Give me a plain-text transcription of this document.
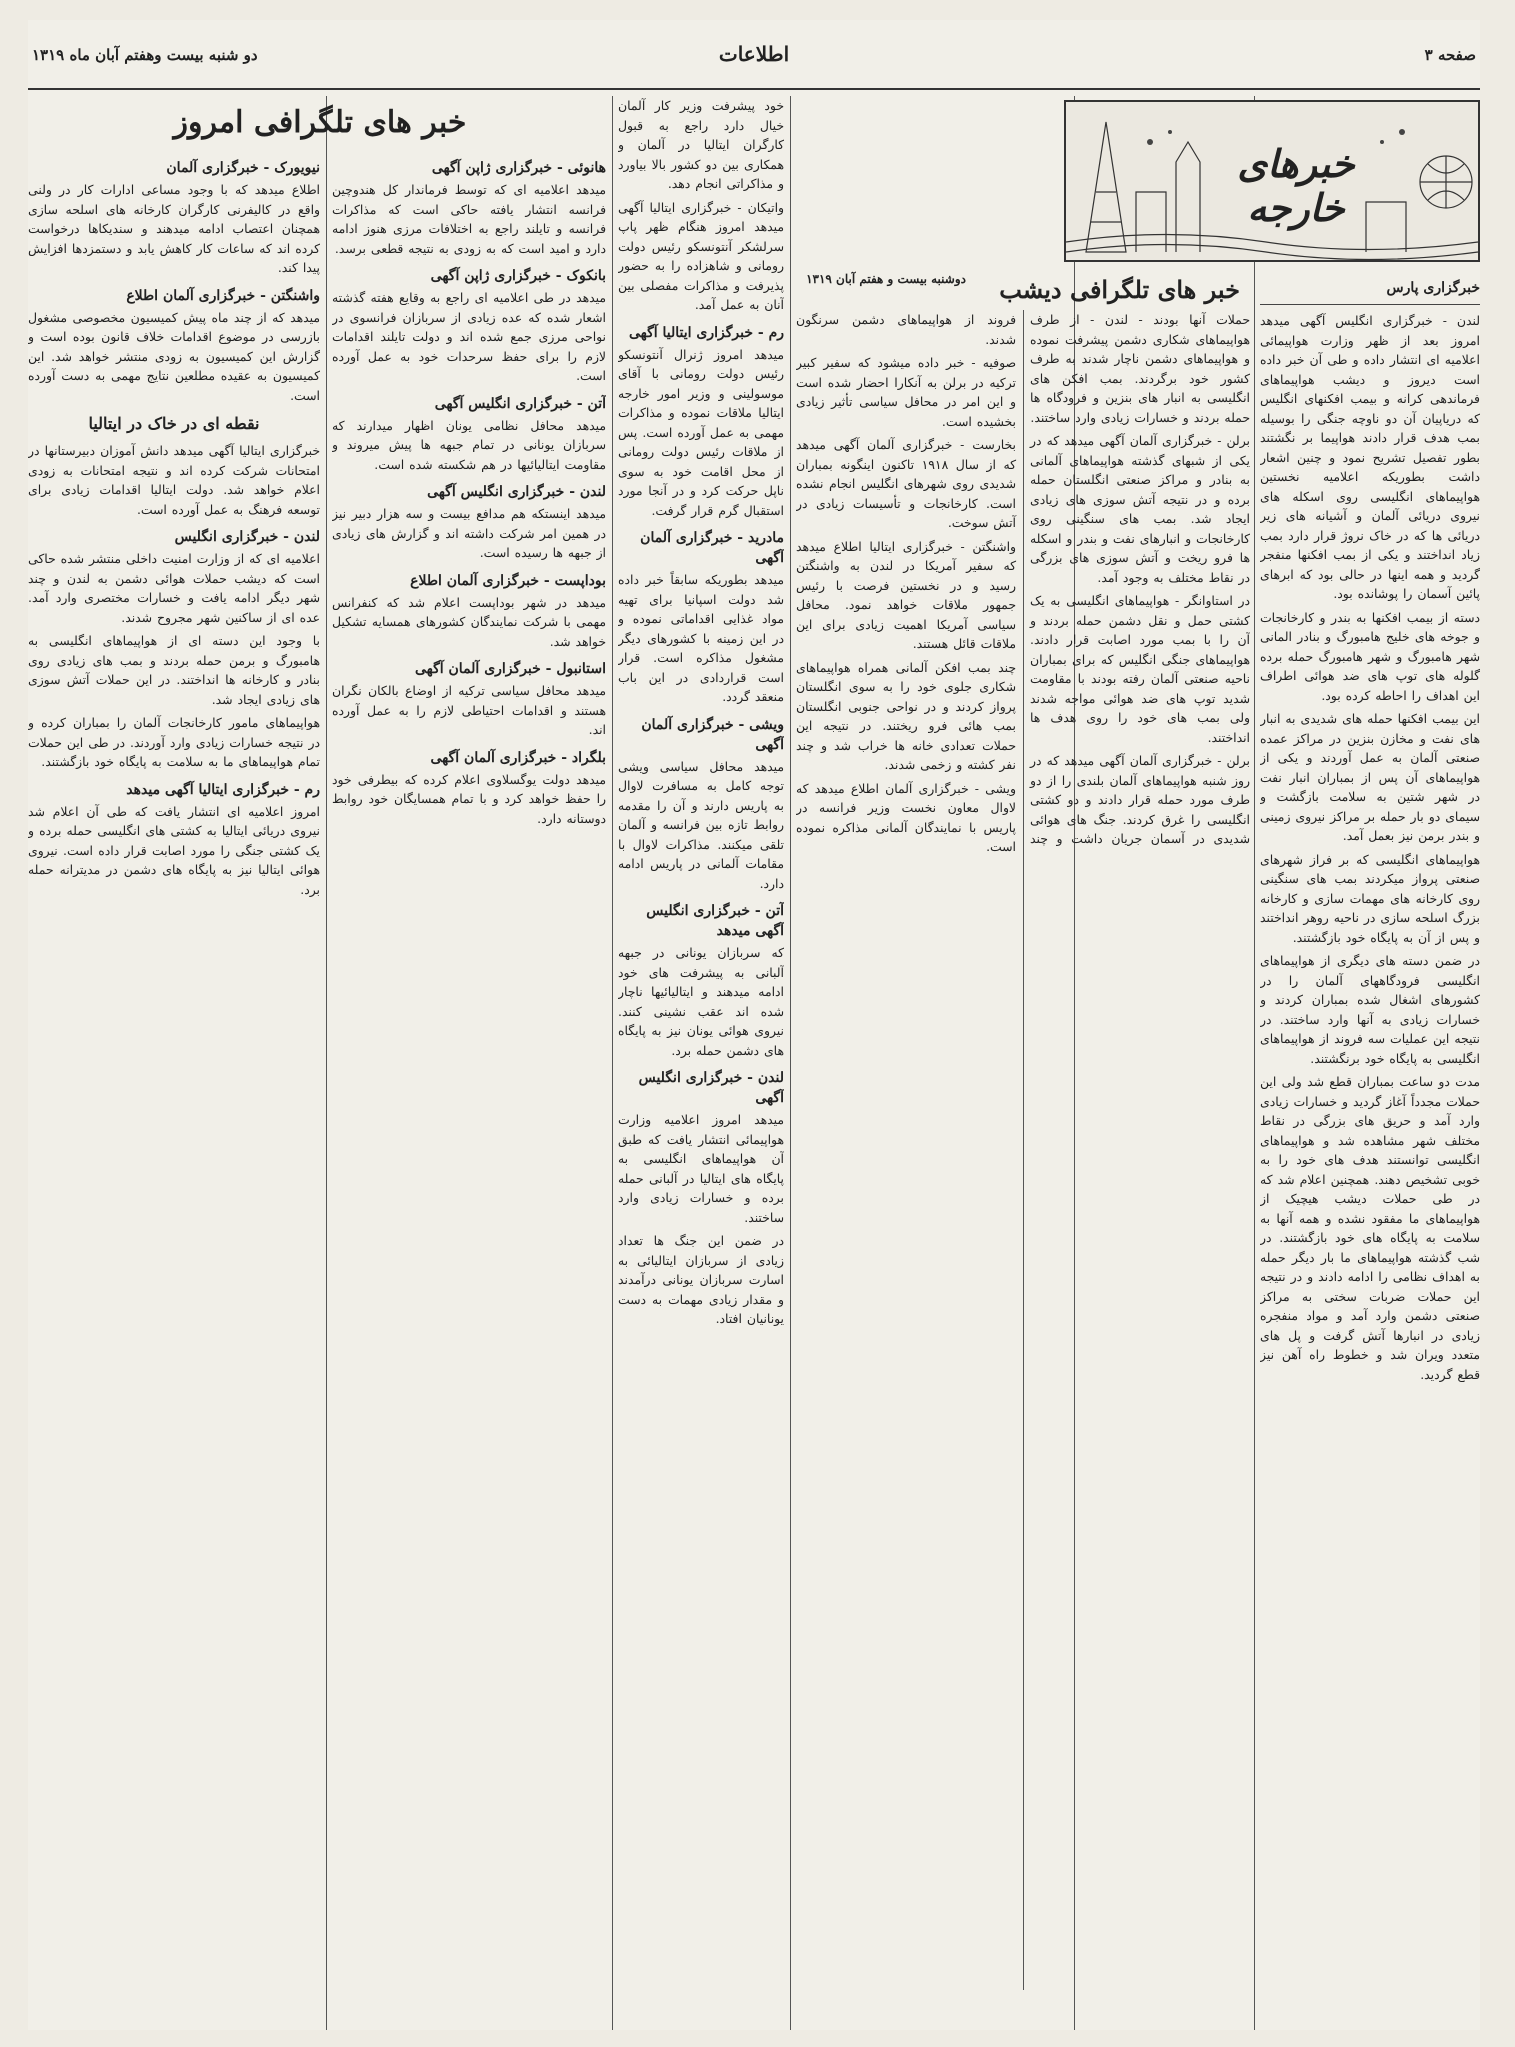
صفحه ۳
اطلاعات
دو شنبه بیست وهفتم آبان ماه ۱۳۱۹
خبرهای خارجه
خبرگزاری پارس

لندن - خبرگزاری انگلیس آگهی میدهد امروز بعد از ظهر وزارت هواپیمائی اعلامیه ای انتشار داده و طی آن خبر داده است دیروز و دیشب هواپیماهای فرماندهی کرانه و بیمب افکنهای انگلیس که دریاپیان آن دو ناوچه جنگی را بوسیله بمب هدف قرار دادند هواپیما بر نگشتند بطور تفصیل تشریح نمود و چنین اشعار داشت بطوریکه اعلامیه نخستین هواپیماهای انگلیسی روی اسکله های نیروی دریائی آلمان و آشیانه های زیر دریائی ها که در خاک نروژ قرار دارد بمب زیاد انداختند و یکی از بمب افکنها منفجر گردید و همه اینها در حالی بود که ابرهای پائین آسمان را پوشانده بود.

دسته از بیمب افکنها به بندر و کارخانجات و جوخه های خلیج هامبورگ و بنادر المانی شهر هامبورگ و شهر هامبورگ حمله برده گلوله های توپ های ضد هوائی اطراف این اهداف را احاطه کرده بود.

این بیمب افکنها حمله های شدیدی به انبار های نفت و مخازن بنزین در مراکز عمده صنعتی آلمان به عمل آوردند و یکی از هواپیماهای آن پس از بمباران انبار نفت در شهر شتین به سلامت بازگشت و سیمای دو بار حمله بر مراکز نیروی زمینی و بندر برمن نیز بعمل آمد.

هواپیماهای انگلیسی که بر فراز شهرهای صنعتی پرواز میکردند بمب های سنگینی روی کارخانه های مهمات سازی و کارخانه بزرگ اسلحه سازی در ناحیه روهر انداختند و پس از آن به پایگاه خود بازگشتند.

در ضمن دسته های دیگری از هواپیماهای انگلیسی فرودگاههای آلمان را در کشورهای اشغال شده بمباران کردند و خسارات زیادی به آنها وارد ساختند. در نتیجه این عملیات سه فروند از هواپیماهای انگلیسی به پایگاه خود برنگشتند.

مدت دو ساعت بمباران قطع شد ولی این حملات مجدداً آغاز گردید و خسارات زیادی وارد آمد و حریق های بزرگی در نقاط مختلف شهر مشاهده شد و هواپیماهای انگلیسی توانستند هدف های خود را به خوبی تشخیص دهند. همچنین اعلام شد که در طی حملات دیشب هیچیک از هواپیماهای ما مفقود نشده و همه آنها به سلامت به پایگاه های خود بازگشتند. در شب گذشته هواپیماهای ما بار دیگر حمله به اهداف نظامی را ادامه دادند و در نتیجه این حملات ضربات سختی به مراکز صنعتی دشمن وارد آمد و مواد منفجره زیادی در انبارها آتش گرفت و پل های متعدد ویران شد و خطوط راه آهن نیز قطع گردید.

دوشنبه بیست و هفتم آبان ۱۳۱۹	خبر های تلگرافی دیشب

حملات آنها بودند - لندن - از طرف هواپیماهای شکاری دشمن پیشرفت نموده و هواپیماهای دشمن ناچار شدند به طرف کشور خود برگردند. بمب افکن های انگلیسی به انبار های بنزین و فرودگاه ها حمله بردند و خسارات زیادی وارد ساختند.

برلن - خبرگزاری آلمان آگهی میدهد که در یکی از شبهای گذشته هواپیماهای آلمانی به بنادر و مراکز صنعتی انگلستان حمله برده و در نتیجه آتش سوزی های زیادی ایجاد شد. بمب های سنگینی روی کارخانجات و انبارهای نفت و بندر و اسکله ها فرو ریخت و آتش سوزی های بزرگی در نقاط مختلف به وجود آمد.

در استاوانگر - هواپیماهای انگلیسی به یک کشتی حمل و نقل دشمن حمله بردند و آن را با بمب مورد اصابت قرار دادند. هواپیماهای جنگی انگلیس که برای بمباران ناحیه صنعتی آلمان رفته بودند با مقاومت شدید توپ های ضد هوائی مواجه شدند ولی بمب های خود را روی هدف ها انداختند.

برلن - خبرگزاری آلمان آگهی میدهد که در روز شنبه هواپیماهای آلمان بلندی را از دو طرف مورد حمله قرار دادند و دو کشتی انگلیسی را غرق کردند. جنگ های هوائی شدیدی در آسمان جریان داشت و چند فروند از هواپیماهای دشمن سرنگون شدند.

صوفیه - خبر داده میشود که سفیر کبیر ترکیه در برلن به آنکارا احضار شده است و این امر در محافل سیاسی تأثیر زیادی بخشیده است.

بخارست - خبرگزاری آلمان آگهی میدهد که از سال ۱۹۱۸ تاکنون اینگونه بمباران شدیدی روی شهرهای انگلیس انجام نشده است. کارخانجات و تأسیسات زیادی در آتش سوخت.

واشنگتن - خبرگزاری ایتالیا اطلاع میدهد که سفیر آمریکا در لندن به واشنگتن رسید و در نخستین فرصت با رئیس جمهور ملاقات خواهد نمود. محافل سیاسی آمریکا اهمیت زیادی برای این ملاقات قائل هستند.

چند بمب افکن آلمانی همراه هواپیماهای شکاری جلوی خود را به سوی انگلستان پرواز کردند و در نواحی جنوبی انگلستان بمب هائی فرو ریختند. در نتیجه این حملات تعدادی خانه ها خراب شد و چند نفر کشته و زخمی شدند.

ویشی - خبرگزاری آلمان اطلاع میدهد که لاوال معاون نخست وزیر فرانسه در پاریس با نمایندگان آلمانی مذاکره نموده است.

خود پیشرفت وزیر کار آلمان خیال دارد راجع به قبول کارگران ایتالیا در آلمان و همکاری بین دو کشور بالا بیاورد و مذاکراتی انجام دهد.

واتیکان - خبرگزاری ایتالیا آگهی میدهد امروز هنگام ظهر پاپ سرلشکر آنتونسکو رئیس دولت رومانی و شاهزاده را به حضور پذیرفت و مذاکرات مفصلی بین آنان به عمل آمد.

رم - خبرگزاری ایتالیا آگهی

میدهد امروز ژنرال آنتونسکو رئیس دولت رومانی با آقای موسولینی و وزیر امور خارجه ایتالیا ملاقات نموده و مذاکرات مهمی به عمل آورده است. پس از ملاقات رئیس دولت رومانی از محل اقامت خود به سوی ناپل حرکت کرد و در آنجا مورد استقبال گرم قرار گرفت.

مادرید - خبرگزاری آلمان آگهی

میدهد بطوریکه سابقاً خبر داده شد دولت اسپانیا برای تهیه مواد غذایی اقداماتی نموده و در این زمینه با کشورهای دیگر مشغول مذاکره است. قرار است قراردادی در این باب منعقد گردد.

ویشی - خبرگزاری آلمان آگهی

میدهد محافل سیاسی ویشی توجه کامل به مسافرت لاوال به پاریس دارند و آن را مقدمه روابط تازه بین فرانسه و آلمان تلقی میکنند. مذاکرات لاوال با مقامات آلمانی در پاریس ادامه دارد.

آتن - خبرگزاری انگلیس آگهی میدهد

که سربازان یونانی در جبهه آلبانی به پیشرفت های خود ادامه میدهند و ایتالیائیها ناچار شده اند عقب نشینی کنند. نیروی هوائی یونان نیز به پایگاه های دشمن حمله برد.

لندن - خبرگزاری انگلیس آگهی

میدهد امروز اعلامیه وزارت هواپیمائی انتشار یافت که طبق آن هواپیماهای انگلیسی به پایگاه های ایتالیا در آلبانی حمله برده و خسارات زیادی وارد ساختند.

در ضمن این جنگ ها تعداد زیادی از سربازان ایتالیائی به اسارت سربازان یونانی درآمدند و مقدار زیادی مهمات به دست یونانیان افتاد.

خبر های تلگرافی امروز
هانوئی - خبرگزاری ژاپن آگهی

میدهد اعلامیه ای که توسط فرماندار کل هندوچین فرانسه انتشار یافته حاکی است که مذاکرات فرانسه و تایلند راجع به اختلافات مرزی هنوز ادامه دارد و امید است که به زودی به نتیجه قطعی برسد.

بانکوک - خبرگزاری ژاپن آگهی

میدهد در طی اعلامیه ای راجع به وقایع هفته گذشته اشعار شده که عده زیادی از سربازان فرانسوی در نواحی مرزی جمع شده اند و دولت تایلند اقدامات لازم را برای حفظ سرحدات خود به عمل آورده است.

آتن - خبرگزاری انگلیس آگهی

میدهد محافل نظامی یونان اظهار میدارند که سربازان یونانی در تمام جبهه ها پیش میروند و مقاومت ایتالیائیها در هم شکسته شده است.

لندن - خبرگزاری انگلیس آگهی

میدهد اینستکه هم مدافع بیست و سه هزار دبیر نیز در همین امر شرکت داشته اند و گزارش های زیادی از جبهه ها رسیده است.

بوداپست - خبرگزاری آلمان اطلاع

میدهد در شهر بوداپست اعلام شد که کنفرانس مهمی با شرکت نمایندگان کشورهای همسایه تشکیل خواهد شد.

استانبول - خبرگزاری آلمان آگهی

میدهد محافل سیاسی ترکیه از اوضاع بالکان نگران هستند و اقدامات احتیاطی لازم را به عمل آورده اند.

بلگراد - خبرگزاری آلمان آگهی

میدهد دولت یوگسلاوی اعلام کرده که بیطرفی خود را حفظ خواهد کرد و با تمام همسایگان خود روابط دوستانه دارد.

نیویورک - خبرگزاری آلمان

اطلاع میدهد که با وجود مساعی ادارات کار در ولنی واقع در کالیفرنی کارگران کارخانه های اسلحه سازی همچنان اعتصاب ادامه میدهند و سندیکاها درخواست کرده اند که ساعات کار کاهش یابد و دستمزدها افزایش پیدا کند.

واشنگتن - خبرگزاری آلمان اطلاع

میدهد که از چند ماه پیش کمیسیون مخصوصی مشغول بازرسی در موضوع اقدامات خلاف قانون بوده است و گزارش این کمیسیون به زودی منتشر خواهد شد. این کمیسیون به عقیده مطلعین نتایج مهمی به دست آورده است.

نقطه ای در خاک در ایتالیا

خبرگزاری ایتالیا آگهی میدهد دانش آموزان دبیرستانها در امتحانات شرکت کرده اند و نتیجه امتحانات به زودی اعلام خواهد شد. دولت ایتالیا اقدامات زیادی برای توسعه فرهنگ به عمل آورده است.

لندن - خبرگزاری انگلیس

اعلامیه ای که از وزارت امنیت داخلی منتشر شده حاکی است که دیشب حملات هوائی دشمن به لندن و چند شهر دیگر ادامه یافت و خسارات مختصری وارد آمد. عده ای از ساکنین شهر مجروح شدند.

با وجود این دسته ای از هواپیماهای انگلیسی به هامبورگ و برمن حمله بردند و بمب های زیادی روی بنادر و کارخانه ها انداختند. در این حملات آتش سوزی های زیادی ایجاد شد.

هواپیماهای مامور کارخانجات آلمان را بمباران کرده و در نتیجه خسارات زیادی وارد آوردند. در طی این حملات تمام هواپیماهای ما به سلامت به پایگاه خود بازگشتند.

رم - خبرگزاری ایتالیا آگهی میدهد

امروز اعلامیه ای انتشار یافت که طی آن اعلام شد نیروی دریائی ایتالیا به کشتی های انگلیسی حمله برده و یک کشتی جنگی را مورد اصابت قرار داده است. نیروی هوائی ایتالیا نیز به پایگاه های دشمن در مدیترانه حمله برد.
